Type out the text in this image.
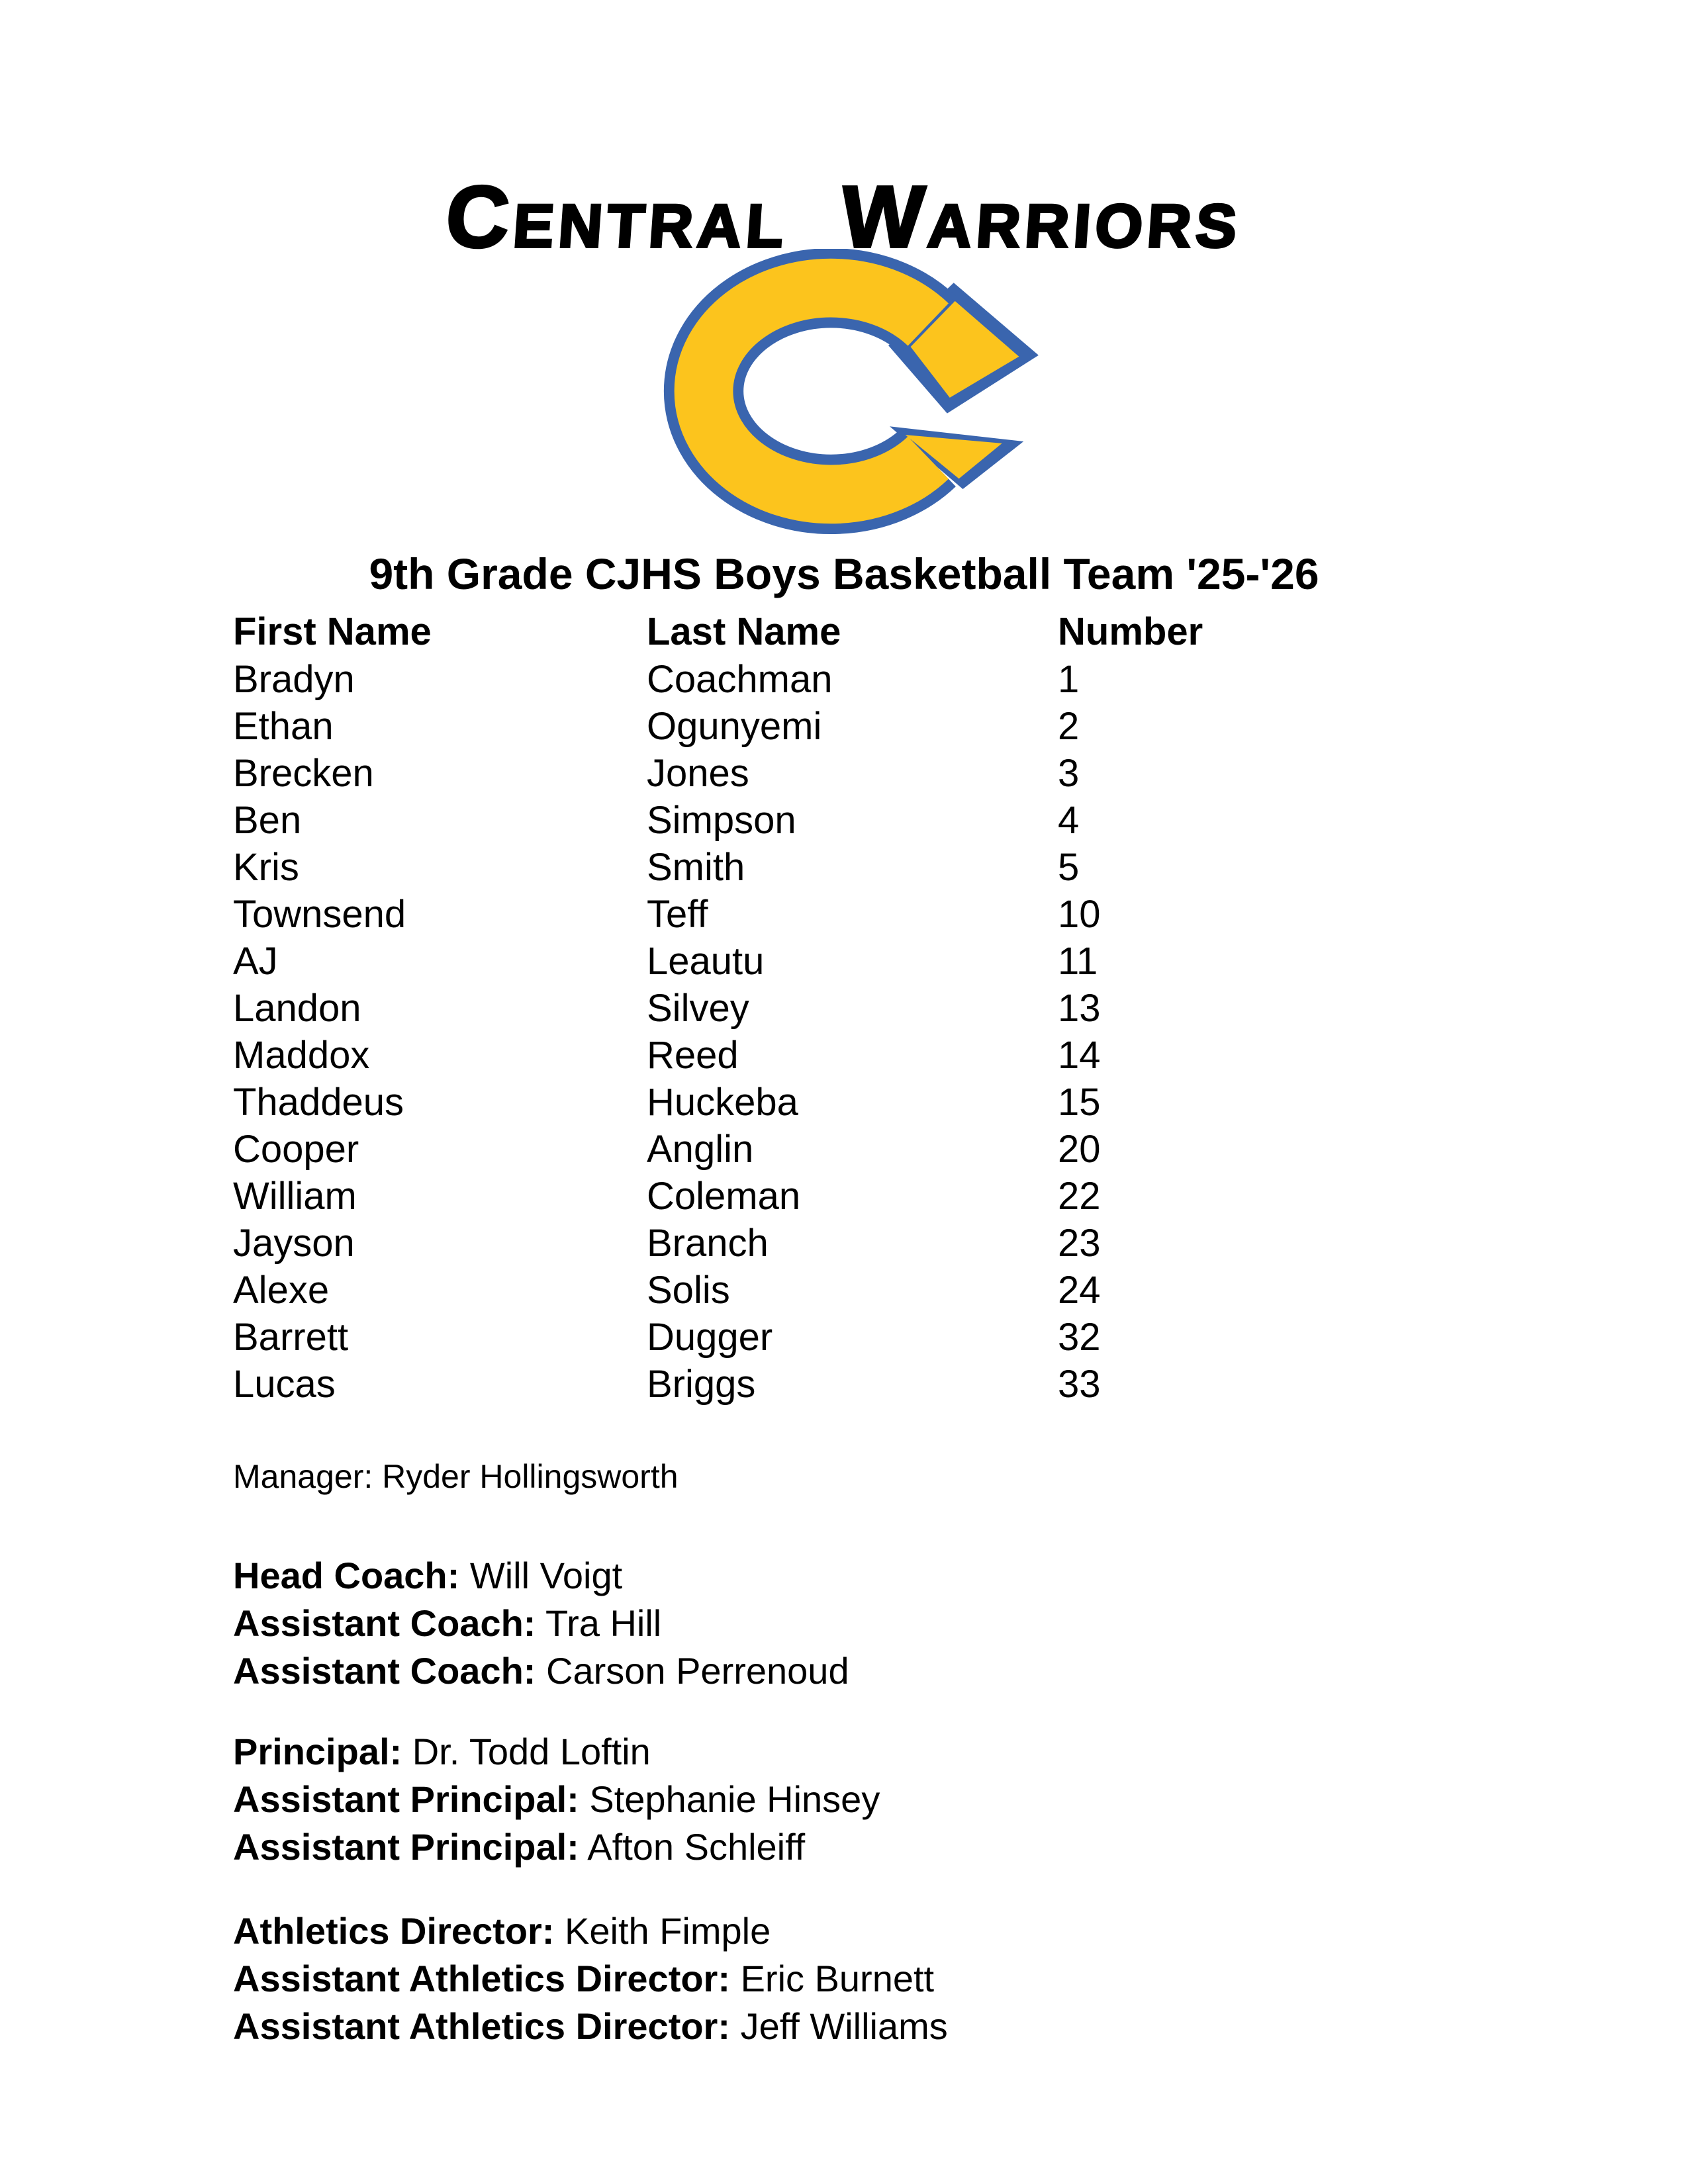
Central Warriors
9th Grade CJHS Boys Basketball Team '25-'26
First Name	Last Name	Number
Bradyn	Coachman	1
Ethan	Ogunyemi	2
Brecken	Jones	3
Ben	Simpson	4
Kris	Smith	5
Townsend	Teff	10
AJ	Leautu	11
Landon	Silvey	13
Maddox	Reed	14
Thaddeus	Huckeba	15
Cooper	Anglin	20
William	Coleman	22
Jayson	Branch	23
Alexe	Solis	24
Barrett	Dugger	32
Lucas	Briggs	33

Manager: Ryder Hollingsworth

Head Coach: Will Voigt

Assistant Coach: Tra Hill

Assistant Coach: Carson Perrenoud

Principal: Dr. Todd Loftin

Assistant Principal: Stephanie Hinsey

Assistant Principal: Afton Schleiff

Athletics Director: Keith Fimple

Assistant Athletics Director: Eric Burnett

Assistant Athletics Director: Jeff Williams
